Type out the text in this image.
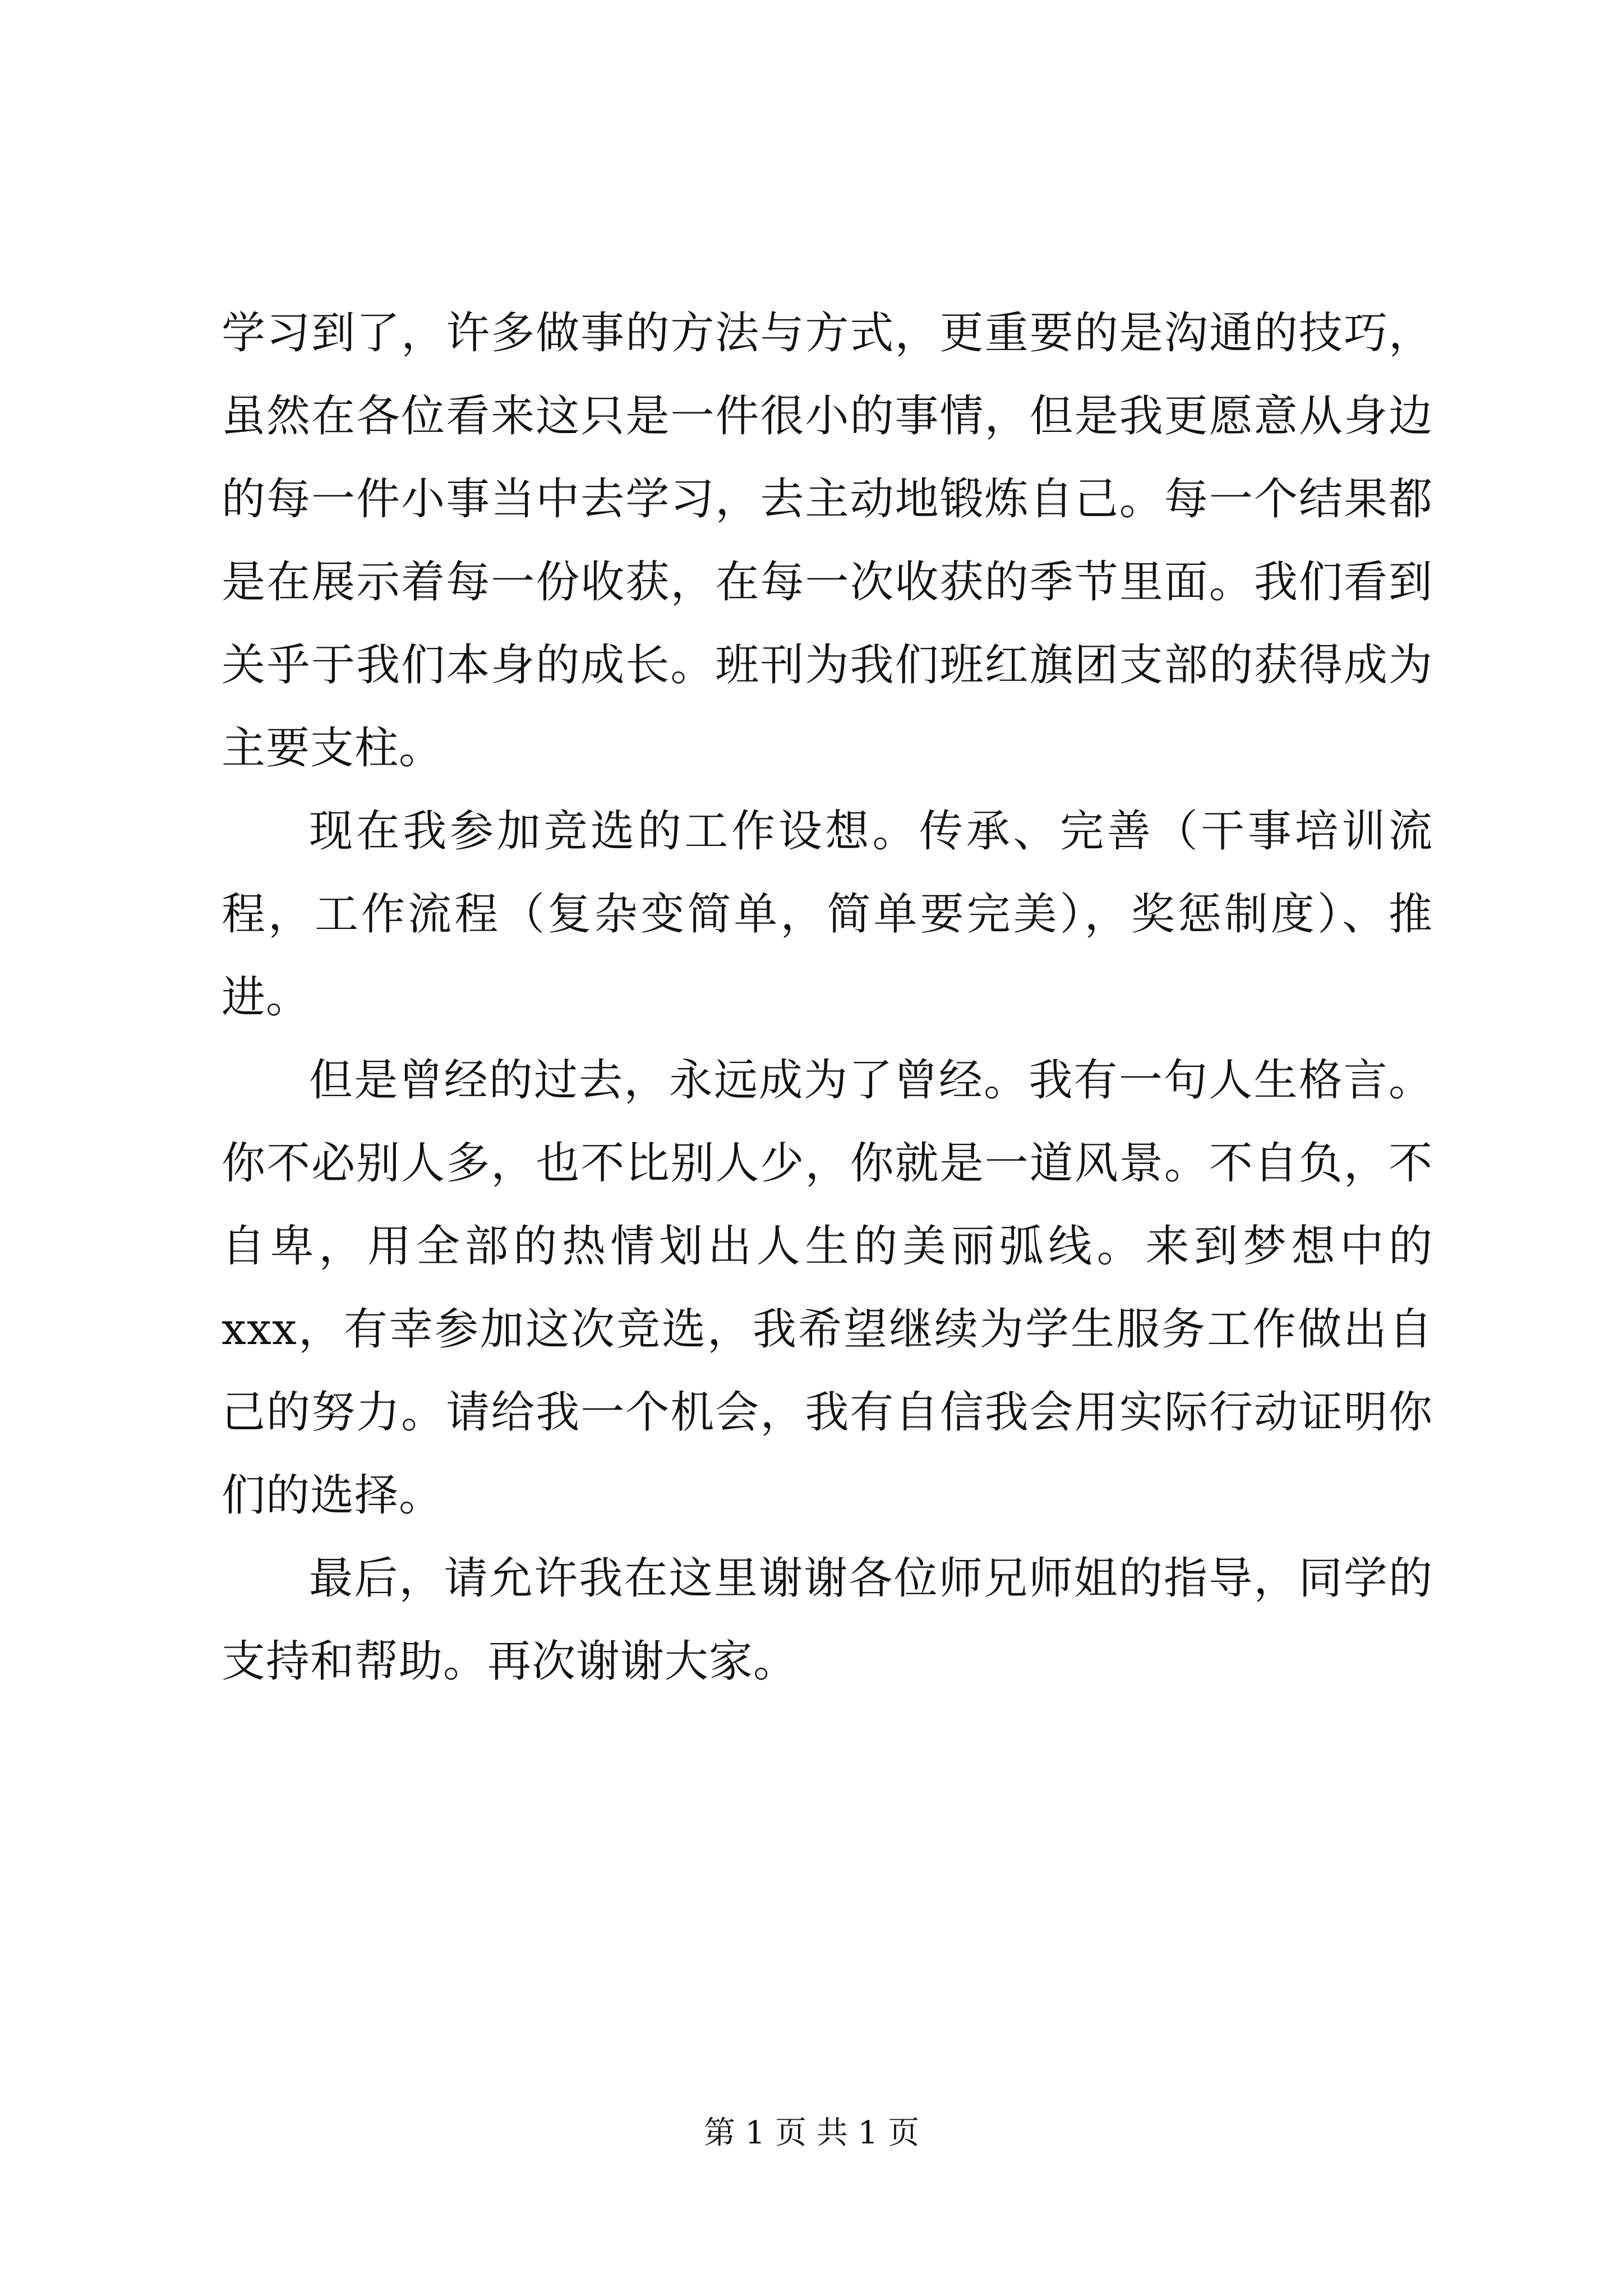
学习到了，许多做事的方法与方式，更重要的是沟通的技巧，虽然在各位看来这只是一件很小的事情，但是我更愿意从身边的每一件小事当中去学习，去主动地锻炼自己。每一个结果都是在展示着每一份收获，在每一次收获的季节里面。我们看到关乎于我们本身的成长。班刊为我们班红旗团支部的获得成为主要支柱。

现在我参加竞选的工作设想。传承、完善（干事培训流程，工作流程（复杂变简单，简单要完美），奖惩制度）、推进。

但是曾经的过去，永远成为了曾经。我有一句人生格言。你不必别人多，也不比别人少，你就是一道风景。不自负，不自卑，用全部的热情划出人生的美丽弧线。来到梦想中的 xxx，有幸参加这次竞选，我希望继续为学生服务工作做出自己的努力。请给我一个机会，我有自信我会用实际行动证明你们的选择。

最后，请允许我在这里谢谢各位师兄师姐的指导，同学的支持和帮助。再次谢谢大家。

第 1 页 共 1 页
